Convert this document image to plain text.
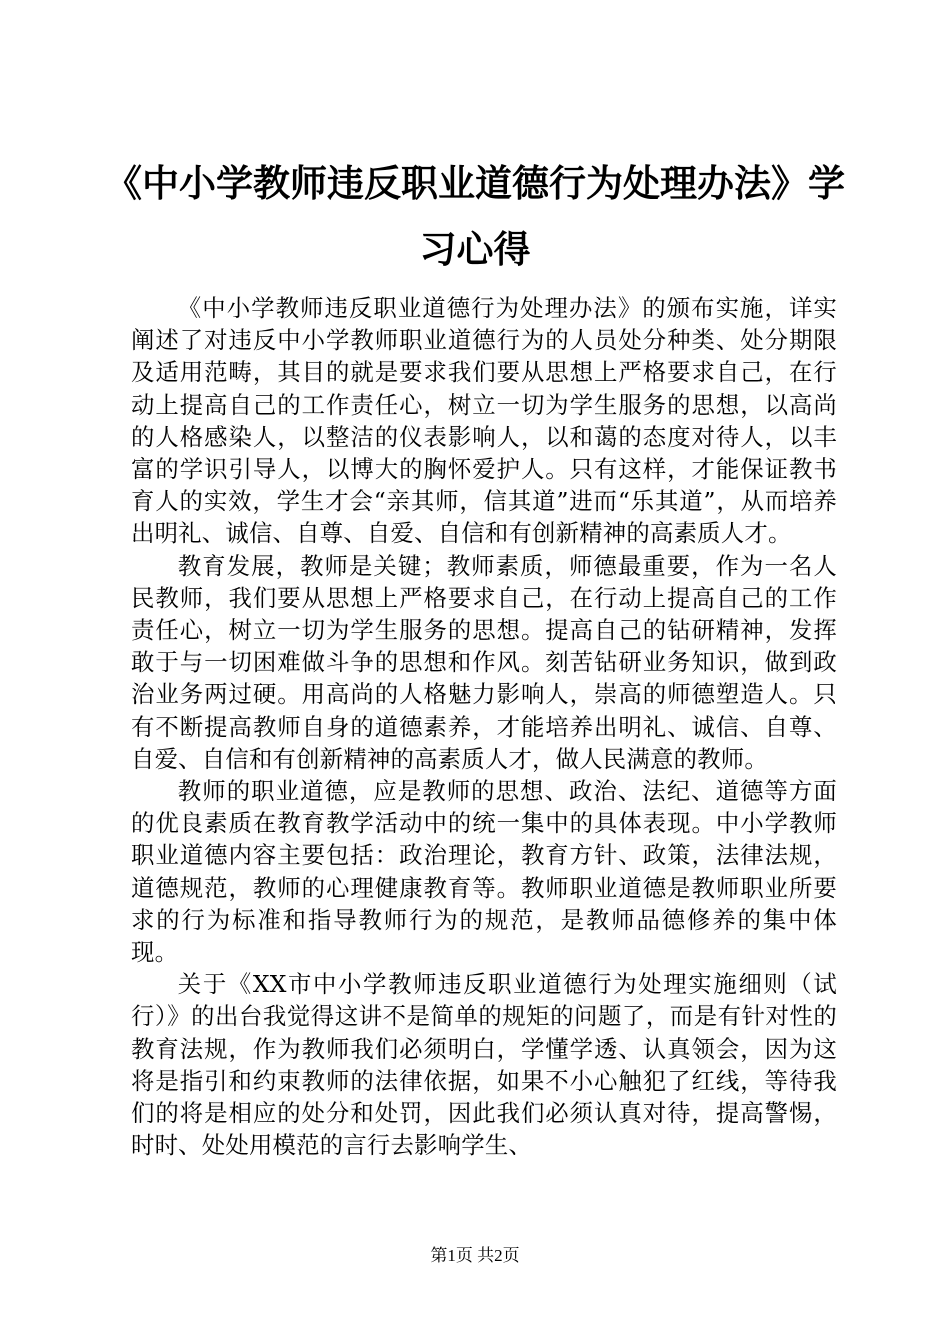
《中小学教师违反职业道德行为处理办法》学习心得

《中小学教师违反职业道德行为处理办法》的颁布实施，详实阐述了对违反中小学教师职业道德行为的人员处分种类、处分期限及适用范畴，其目的就是要求我们要从思想上严格要求自己，在行动上提高自己的工作责任心，树立一切为学生服务的思想，以高尚的人格感染人，以整洁的仪表影响人，以和蔼的态度对待人，以丰富的学识引导人，以博大的胸怀爱护人。只有这样，才能保证教书育人的实效，学生才会“亲其师，信其道”进而“乐其道”，从而培养出明礼、诚信、自尊、自爱、自信和有创新精神的高素质人才。

教育发展，教师是关键；教师素质，师德最重要，作为一名人民教师，我们要从思想上严格要求自己，在行动上提高自己的工作责任心，树立一切为学生服务的思想。提高自己的钻研精神，发挥敢于与一切困难做斗争的思想和作风。刻苦钻研业务知识，做到政治业务两过硬。用高尚的人格魅力影响人，崇高的师德塑造人。只有不断提高教师自身的道德素养，才能培养出明礼、诚信、自尊、自爱、自信和有创新精神的高素质人才，做人民满意的教师。

教师的职业道德，应是教师的思想、政治、法纪、道德等方面的优良素质在教育教学活动中的统一集中的具体表现。中小学教师职业道德内容主要包括：政治理论，教育方针、政策，法律法规，道德规范，教师的心理健康教育等。教师职业道德是教师职业所要求的行为标准和指导教师行为的规范，是教师品德修养的集中体现。

关于《XX市中小学教师违反职业道德行为处理实施细则（试行）》的出台我觉得这讲不是简单的规矩的问题了，而是有针对性的教育法规，作为教师我们必须明白，学懂学透、认真领会，因为这将是指引和约束教师的法律依据，如果不小心触犯了红线，等待我们的将是相应的处分和处罚，因此我们必须认真对待，提高警惕，时时、处处用模范的言行去影响学生、

第1页 共2页
